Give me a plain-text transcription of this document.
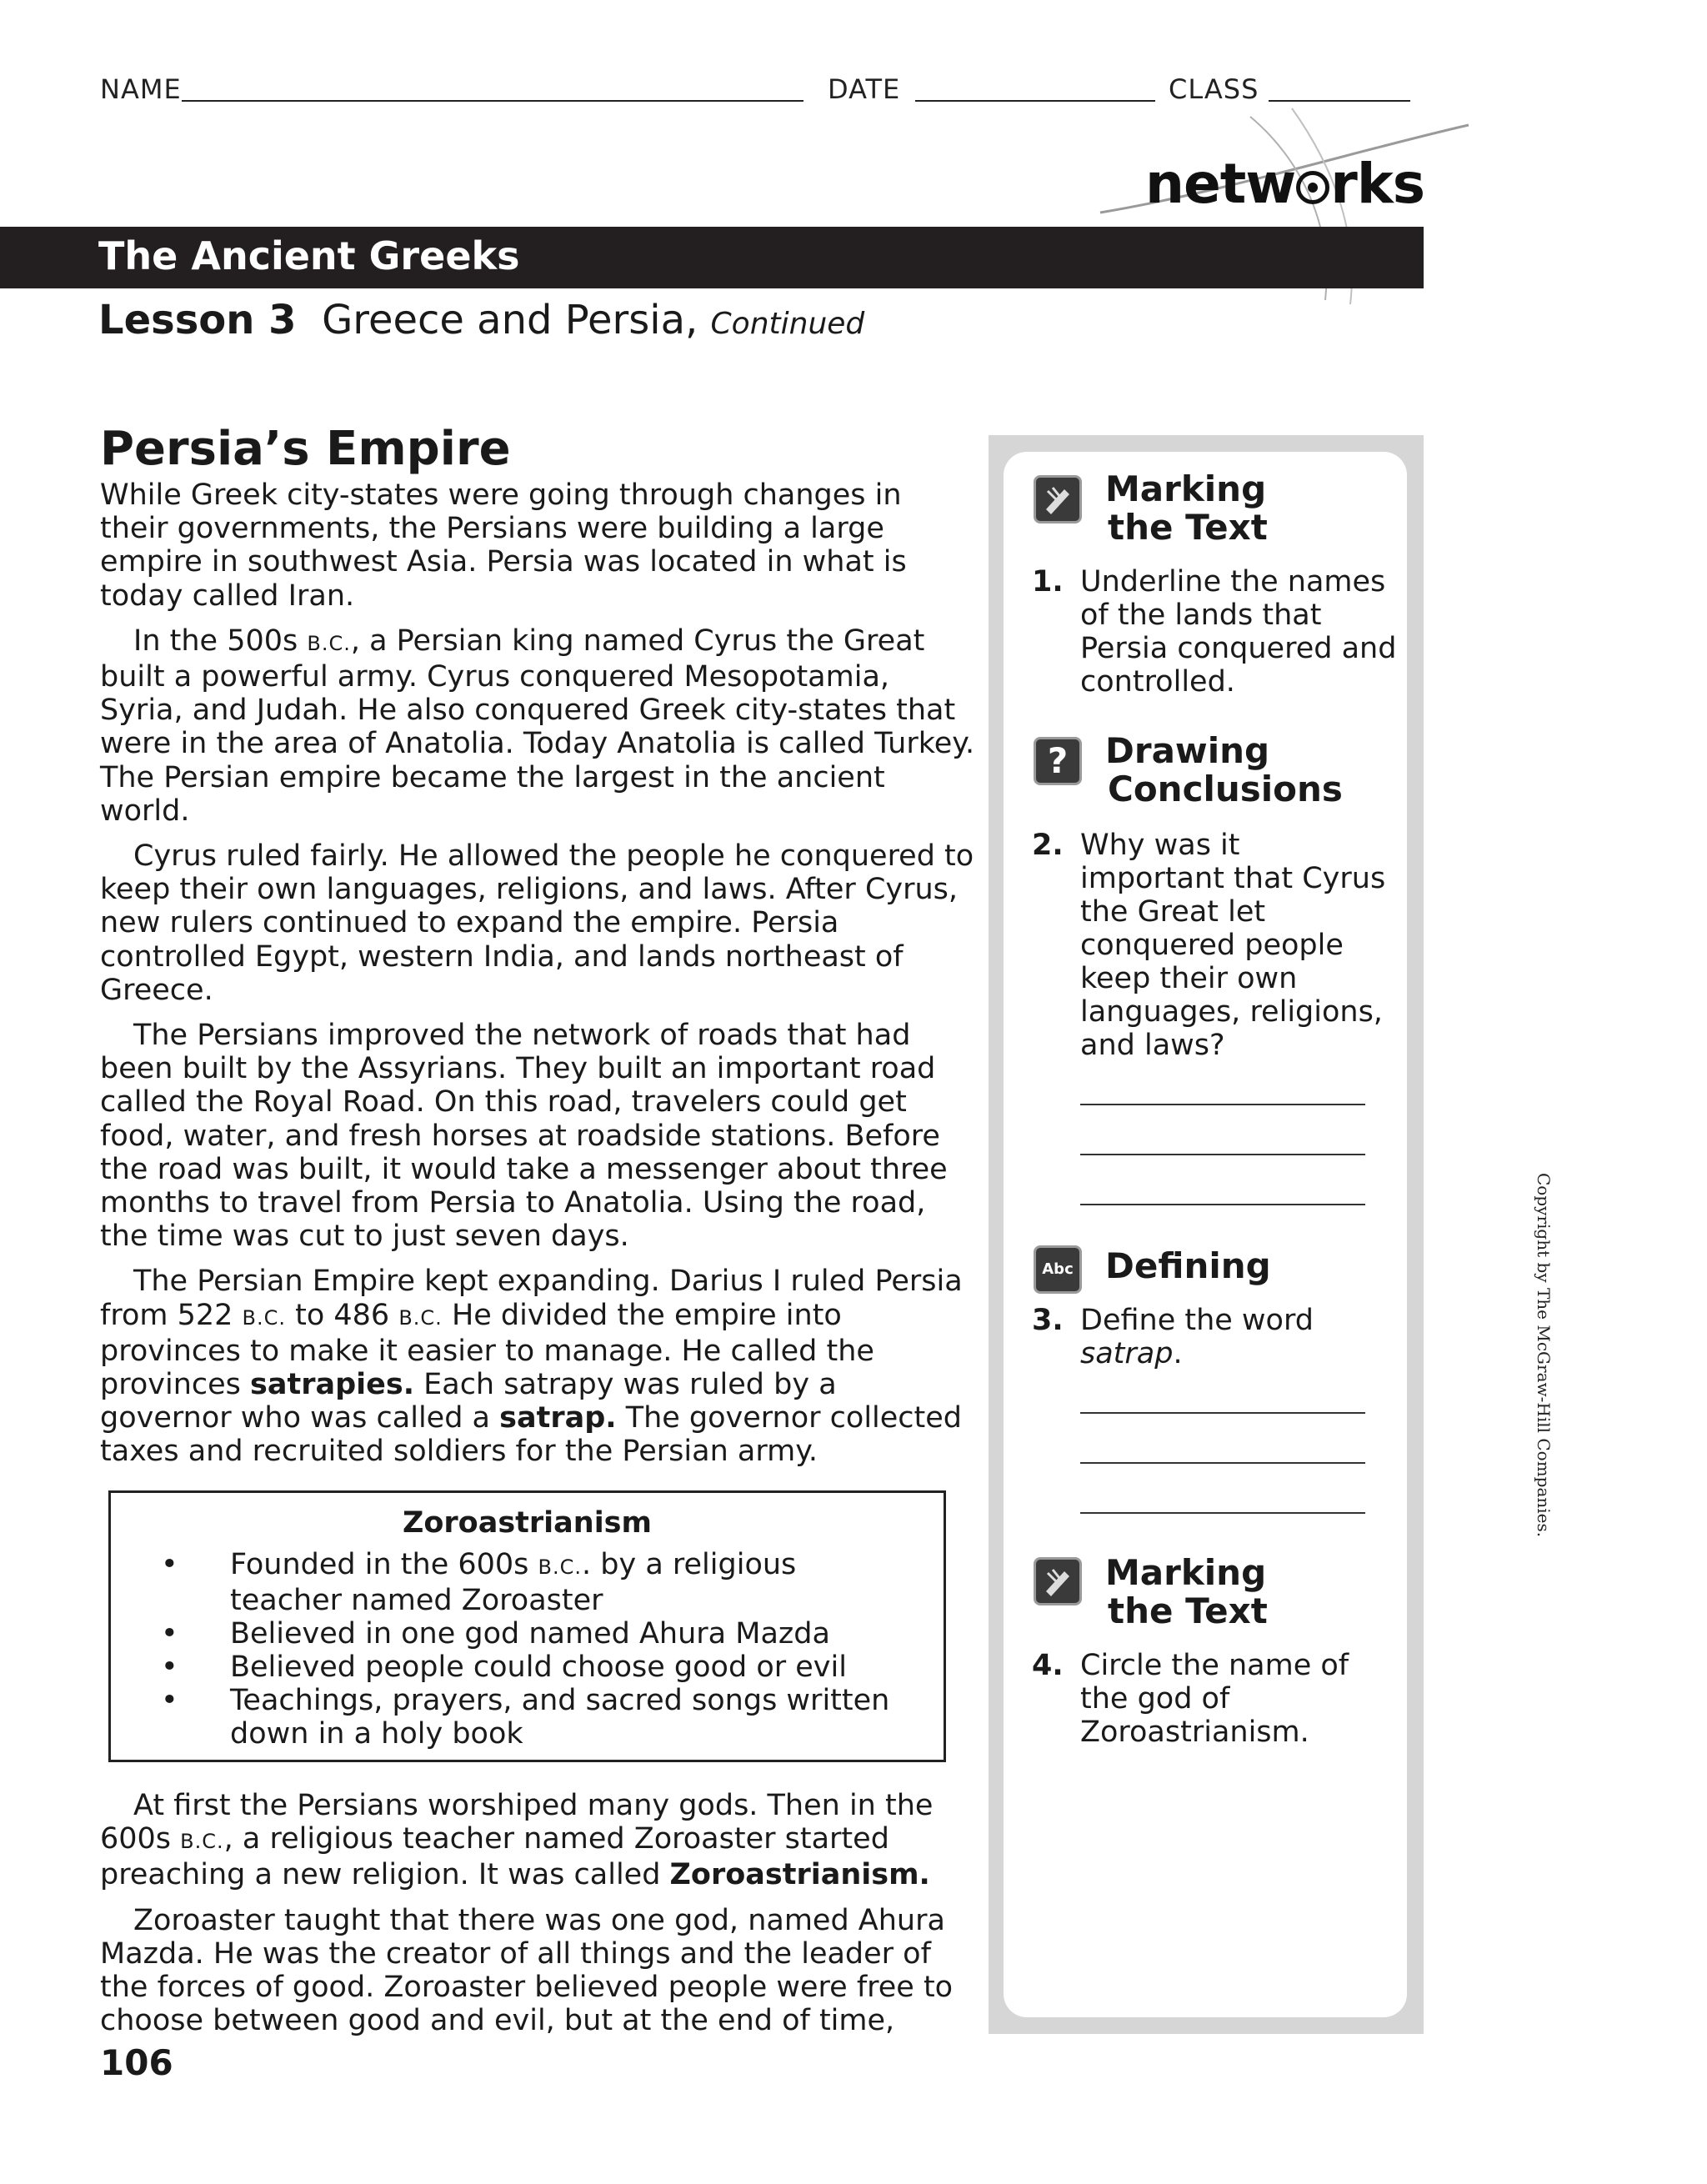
NAME	DATE	CLASS
netw rks
The Ancient Greeks
Lesson 3 Greece and Persia, Continued
Persia’s Empire

While Greek city-states were going through changes in their governments, the Persians were building a large empire in southwest Asia. Persia was located in what is today called Iran.

In the 500s B.C., a Persian king named Cyrus the Great built a powerful army. Cyrus conquered Mesopotamia, Syria, and Judah. He also conquered Greek city-states that were in the area of Anatolia. Today Anatolia is called Turkey. The Persian empire became the largest in the ancient world.

Cyrus ruled fairly. He allowed the people he conquered to keep their own languages, religions, and laws. After Cyrus, new rulers continued to expand the empire. Persia controlled Egypt, western India, and lands northeast of Greece.

The Persians improved the network of roads that had been built by the Assyrians. They built an important road called the Royal Road. On this road, travelers could get food, water, and fresh horses at roadside stations. Before the road was built, it would take a messenger about three months to travel from Persia to Anatolia. Using the road, the time was cut to just seven days.

The Persian Empire kept expanding. Darius I ruled Persia from 522 B.C. to 486 B.C. He divided the empire into provinces to make it easier to manage. He called the provinces satrapies. Each satrapy was ruled by a governor who was called a satrap. The governor collected taxes and recruited soldiers for the Persian army.

Zoroastrianism
• Founded in the 600s B.C.. by a religious teacher named Zoroaster
• Believed in one god named Ahura Mazda
• Believed people could choose good or evil
• Teachings, prayers, and sacred songs written down in a holy book

At first the Persians worshiped many gods. Then in the 600s B.C., a religious teacher named Zoroaster started preaching a new religion. It was called Zoroastrianism.

Zoroaster taught that there was one god, named Ahura Mazda. He was the creator of all things and the leader of the forces of good. Zoroaster believed people were free to choose between good and evil, but at the end of time,

106
Marking
the Text
1. Underline the names
of the lands that Persia conquered and controlled.
?	Drawing
Conclusions
2. Why was it
important that Cyrus the Great let conquered people keep their own languages, religions, and laws?
Abc Defining
3. Define the word
satrap.
Marking
the Text
4. Circle the name of
the god of Zoroastrianism.
Copyright by The McGraw-Hill Companies.
